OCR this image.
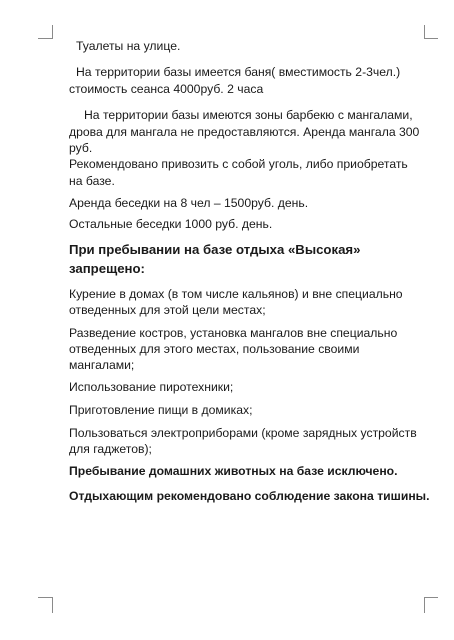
Туалеты на улице.
На территории базы имеется баня( вместимость 2-3чел.)
стоимость сеанса 4000руб. 2 часа
На территории базы имеются зоны барбекю с мангалами,
дрова для мангала не предоставляются. Аренда мангала 300
руб.
Рекомендовано привозить с собой уголь, либо приобретать
на базе.
Аренда беседки на 8 чел – 1500руб. день.
Остальные беседки 1000 руб. день.
При пребывании на базе отдыха «Высокая»
запрещено:
Курение в домах (в том числе кальянов) и вне специально
отведенных для этой цели местах;
Разведение костров, установка мангалов вне специально
отведенных для этого местах, пользование своими
мангалами;
Использование пиротехники;
Приготовление пищи в домиках;
Пользоваться электроприборами (кроме зарядных устройств
для гаджетов);
Пребывание домашних животных на базе исключено.
Отдыхающим рекомендовано соблюдение закона тишины.
